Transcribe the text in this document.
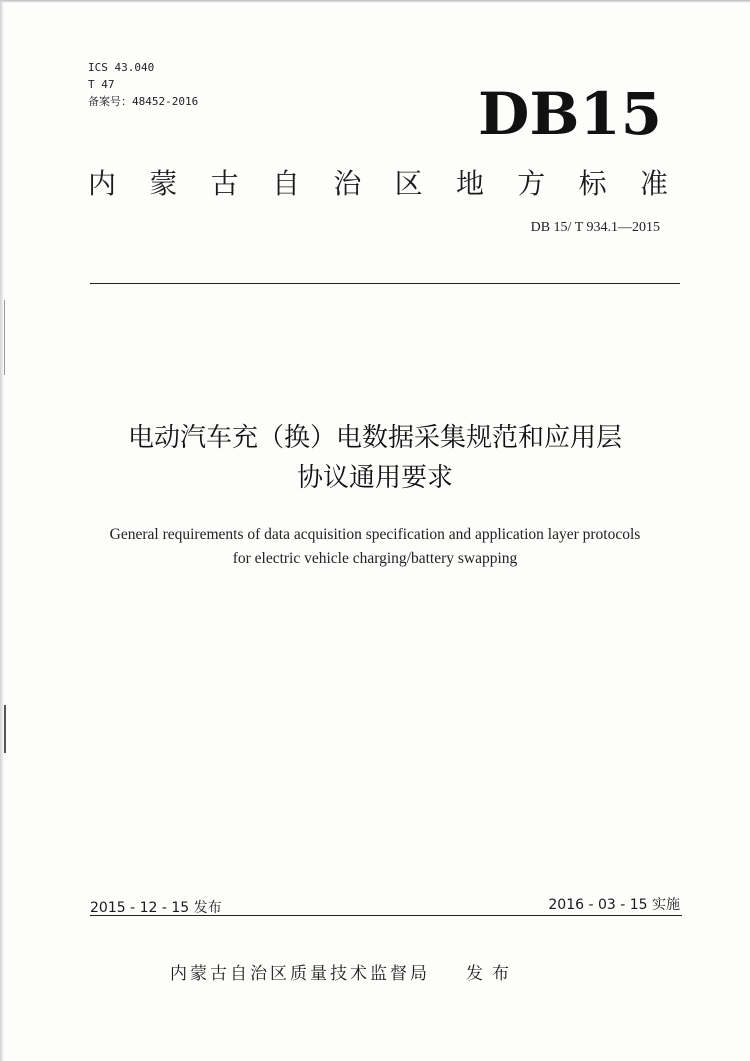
ICS 43.040
T 47
备案号：48452-2016	DB15
内 蒙 古 自 治 区 地 方 标 准
DB 15/ T 934.1—2015
电动汽车充（换）电数据采集规范和应用层
协议通用要求
General requirements of data acquisition specification and application layer protocols
for electric vehicle charging/battery swapping
2015 - 12 - 15 发布	2016 - 03 - 15 实施
内蒙古自治区质量技术监督局 发布
